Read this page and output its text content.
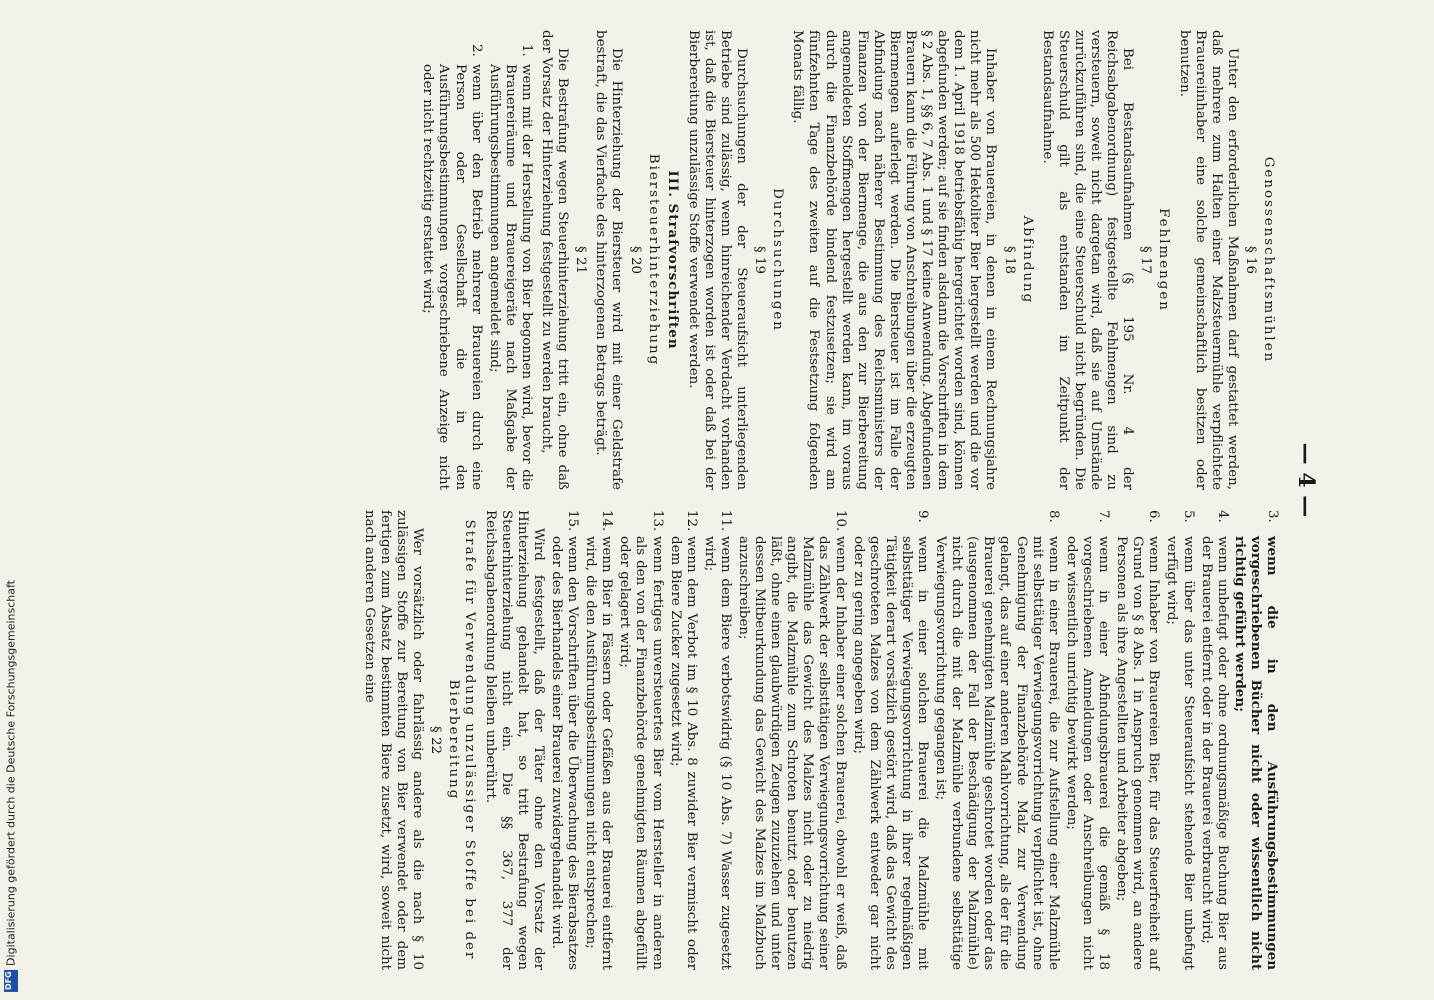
— 4 —
Genossenschaftsmühlen
§ 16

Unter den erforderlichen Maßnahmen darf gestattet werden, daß mehrere zum Halten einer Malzsteuermühle verpflichtete Brauereiinhaber eine solche gemeinschaftlich besitzen oder benutzen.

Fehlmengen
§ 17

Bei Bestandsaufnahmen (§ 195 Nr. 4 der Reichsabgabenordnung) festgestellte Fehlmengen sind zu versteuern, soweit nicht dargetan wird, daß sie auf Umstände zurückzuführen sind, die eine Steuerschuld nicht begründen. Die Steuerschuld gilt als entstanden im Zeitpunkt der Bestandsaufnahme.

Abfindung
§ 18

Inhaber von Brauereien, in denen in einem Rechnungsjahre nicht mehr als 500 Hektoliter Bier hergestellt werden und die vor dem 1. April 1918 betriebsfähig hergerichtet worden sind, können abgefunden werden; auf sie finden alsdann die Vorschriften in dem § 2 Abs. 1, §§ 6, 7 Abs. 1 und § 17 keine Anwendung. Abgefundenen Brauern kann die Führung von Anschreibungen über die erzeugten Biermengen auferlegt werden. Die Biersteuer ist im Falle der Abfindung nach näherer Bestimmung des Reichsministers der Finanzen von der Biermenge, die aus den zur Bierbereitung angemeldeten Stoffmengen hergestellt werden kann, im voraus durch die Finanzbehörde bindend festzusetzen; sie wird am fünfzehnten Tage des zweiten auf die Festsetzung folgenden Monats fällig.

Durchsuchungen
§ 19

Durchsuchungen der der Steueraufsicht unterliegenden Betriebe sind zulässig, wenn hinreichender Verdacht vorhanden ist, daß die Biersteuer hinterzogen worden ist oder daß bei der Bierbereitung unzulässige Stoffe verwendet werden.

III. Strafvorschriften
Biersteuerhinterziehung
§ 20

Die Hinterziehung der Biersteuer wird mit einer Geldstrafe bestraft, die das Vierfache des hinterzogenen Betrags beträgt.

§ 21

Die Bestrafung wegen Steuerhinterziehung tritt ein, ohne daß der Vorsatz der Hinterziehung festgestellt zu werden braucht,

1.
wenn mit der Herstellung von Bier begonnen wird, bevor die Brauereiräume und Brauereigeräte nach Maßgabe der Ausführungsbestimmungen angemeldet sind;
2.
wenn über den Betrieb mehrerer Brauereien durch eine Person oder Gesellschaft die in den Ausführungsbestimmungen vorgeschriebene Anzeige nicht oder nicht rechtzeitig erstattet wird;
3.
wenn die in den Ausführungsbestimmungen vorgeschriebenen Bücher nicht oder wissentlich nicht richtig geführt werden;
4.
wenn unbefugt oder ohne ordnungsmäßige Buchung Bier aus der Brauerei entfernt oder in der Brauerei verbraucht wird;
5.
wenn über das unter Steueraufsicht stehende Bier unbefugt verfügt wird;
6.
wenn Inhaber von Brauereien Bier, für das Steuerfreiheit auf Grund von § 8 Abs. 1 in Anspruch genommen wird, an andere Personen als ihre Angestellten und Arbeiter abgeben;
7.
wenn in einer Abfindungsbrauerei die gemäß § 18 vorgeschriebenen Anmeldungen oder Anschreibungen nicht oder wissentlich unrichtig bewirkt werden;
8.
wenn in einer Brauerei, die zur Aufstellung einer Malzmühle mit selbsttätiger Verwiegungsvorrichtung verpflichtet ist, ohne Genehmigung der Finanzbehörde Malz zur Verwendung gelangt, das auf einer anderen Mahlvorrichtung, als der für die Brauerei genehmigten Malzmühle geschrotet worden oder das (ausgenommen der Fall der Beschädigung der Malzmühle) nicht durch die mit der Malzmühle verbundene selbsttätige Verwiegungsvorrichtung gegangen ist;
9.
wenn in einer solchen Brauerei die Malzmühle mit selbsttätiger Verwiegungsvorrichtung in ihrer regelmäßigen Tätigkeit derart vorsätzlich gestört wird, daß das Gewicht des geschroteten Malzes von dem Zählwerk entweder gar nicht oder zu gering angegeben wird;
10.
wenn der Inhaber einer solchen Brauerei, obwohl er weiß, daß das Zählwerk der selbsttätigen Verwiegungsvorrichtung seiner Malzmühle das Gewicht des Malzes nicht oder zu niedrig angibt, die Malzmühle zum Schroten benutzt oder benutzen läßt, ohne einen glaubwürdigen Zeugen zuzuziehen und unter dessen Mitbeurkundung das Gewicht des Malzes im Malzbuch anzuschreiben;
11.
wenn dem Biere verbotswidrig (§ 10 Abs. 7) Wasser zugesetzt wird;
12.
wenn dem Verbot im § 10 Abs. 8 zuwider Bier vermischt oder dem Biere Zucker zugesetzt wird;
13.
wenn fertiges unversteuertes Bier vom Hersteller in anderen als den von der Finanzbehörde genehmigten Räumen abgefüllt oder gelagert wird;
14.
wenn Bier in Fässern oder Gefäßen aus der Brauerei entfernt wird, die den Ausführungsbestimmungen nicht entsprechen;
15.
wenn den Vorschriften über die Überwachung des Bierabsatzes oder des Bierhandels einer Brauerei zuwidergehandelt wird.

Wird festgestellt, daß der Täter ohne den Vorsatz der Hinterziehung gehandelt hat, so tritt Bestrafung wegen Steuerhinterziehung nicht ein. Die §§ 367, 377 der Reichsabgabenordnung bleiben unberührt.

Strafe für Verwendung unzulässiger Stoffe bei der Bierbereitung
§ 22

Wer vorsätzlich oder fahrlässig andere als die nach § 10 zulässigen Stoffe zur Bereitung von Bier verwendet oder dem fertigen zum Absatz bestimmten Biere zusetzt, wird, soweit nicht nach anderen Gesetzen eine

DFG
Digitalisierung gefördert durch die Deutsche Forschungsgemeinschaft
